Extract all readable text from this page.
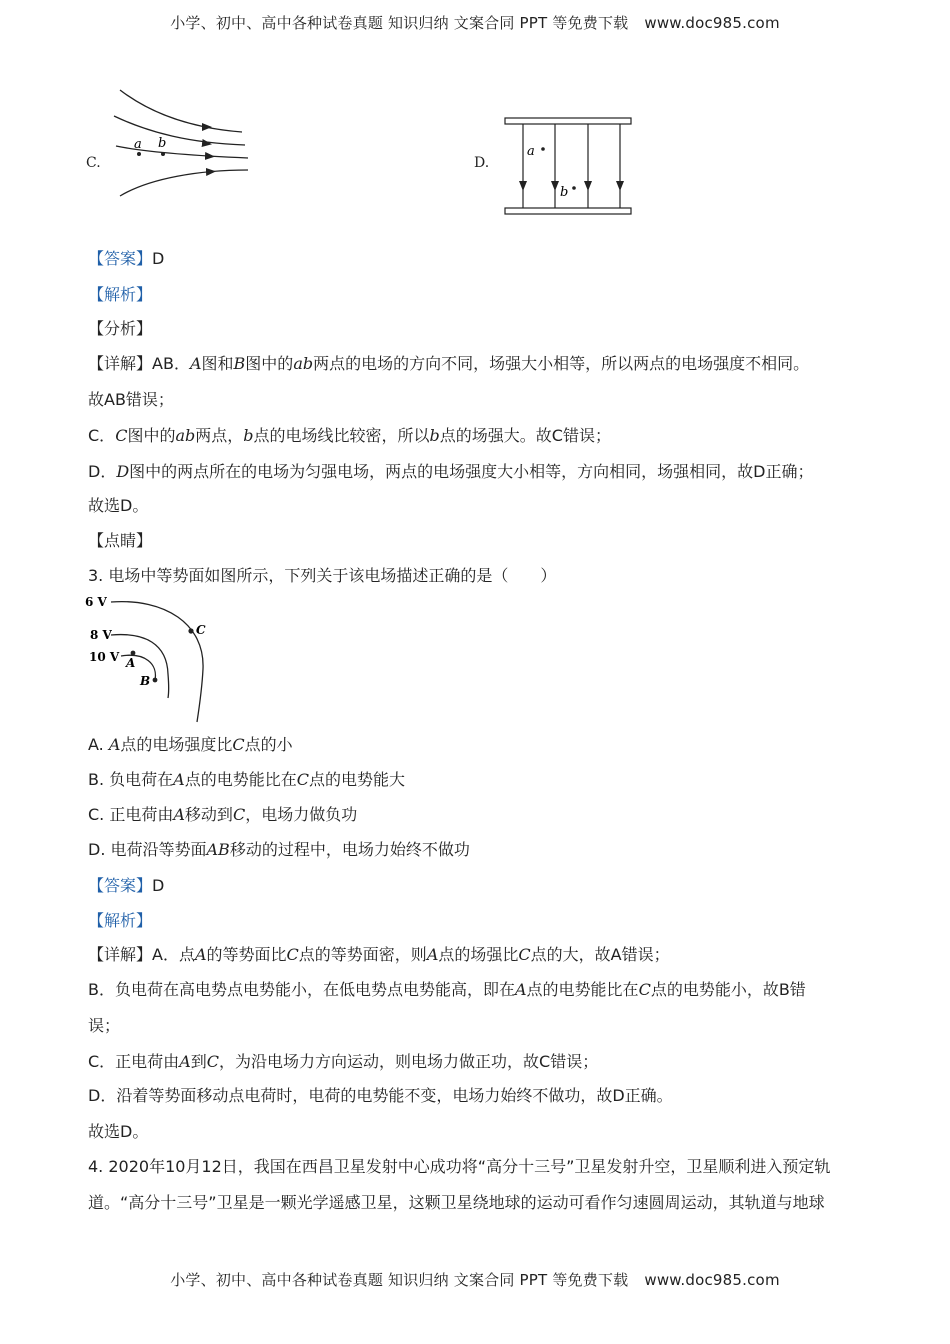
小学、初中、高中各种试卷真题 知识归纳 文案合同 PPT 等免费下载 www.doc985.com
C.
a b
D.
a
b
【答案】D
【解析】
【分析】
【详解】AB．A图和B图中的ab两点的电场的方向不同，场强大小相等，所以两点的电场强度不相同。
故AB错误；
C．C图中的ab两点，b点的电场线比较密，所以b点的场强大。故C错误；
D．D图中的两点所在的电场为匀强电场，两点的电场强度大小相等，方向相同，场强相同，故D正确；
故选D。
【点睛】
3. 电场中等势面如图所示，下列关于该电场描述正确的是（　　）
6 V
8 V
10 V A
B
C
A. A点的电场强度比C点的小
B. 负电荷在A点的电势能比在C点的电势能大
C. 正电荷由A移动到C，电场力做负功
D. 电荷沿等势面AB移动的过程中，电场力始终不做功
【答案】D
【解析】
【详解】A．点A的等势面比C点的等势面密，则A点的场强比C点的大，故A错误；
B．负电荷在高电势点电势能小，在低电势点电势能高，即在A点的电势能比在C点的电势能小，故B错
误；
C．正电荷由A到C，为沿电场力方向运动，则电场力做正功，故C错误；
D．沿着等势面移动点电荷时，电荷的电势能不变，电场力始终不做功，故D正确。
故选D。
4. 2020年10月12日，我国在西昌卫星发射中心成功将“高分十三号”卫星发射升空，卫星顺利进入预定轨
道。“高分十三号”卫星是一颗光学遥感卫星，这颗卫星绕地球的运动可看作匀速圆周运动，其轨道与地球
小学、初中、高中各种试卷真题 知识归纳 文案合同 PPT 等免费下载 www.doc985.com
